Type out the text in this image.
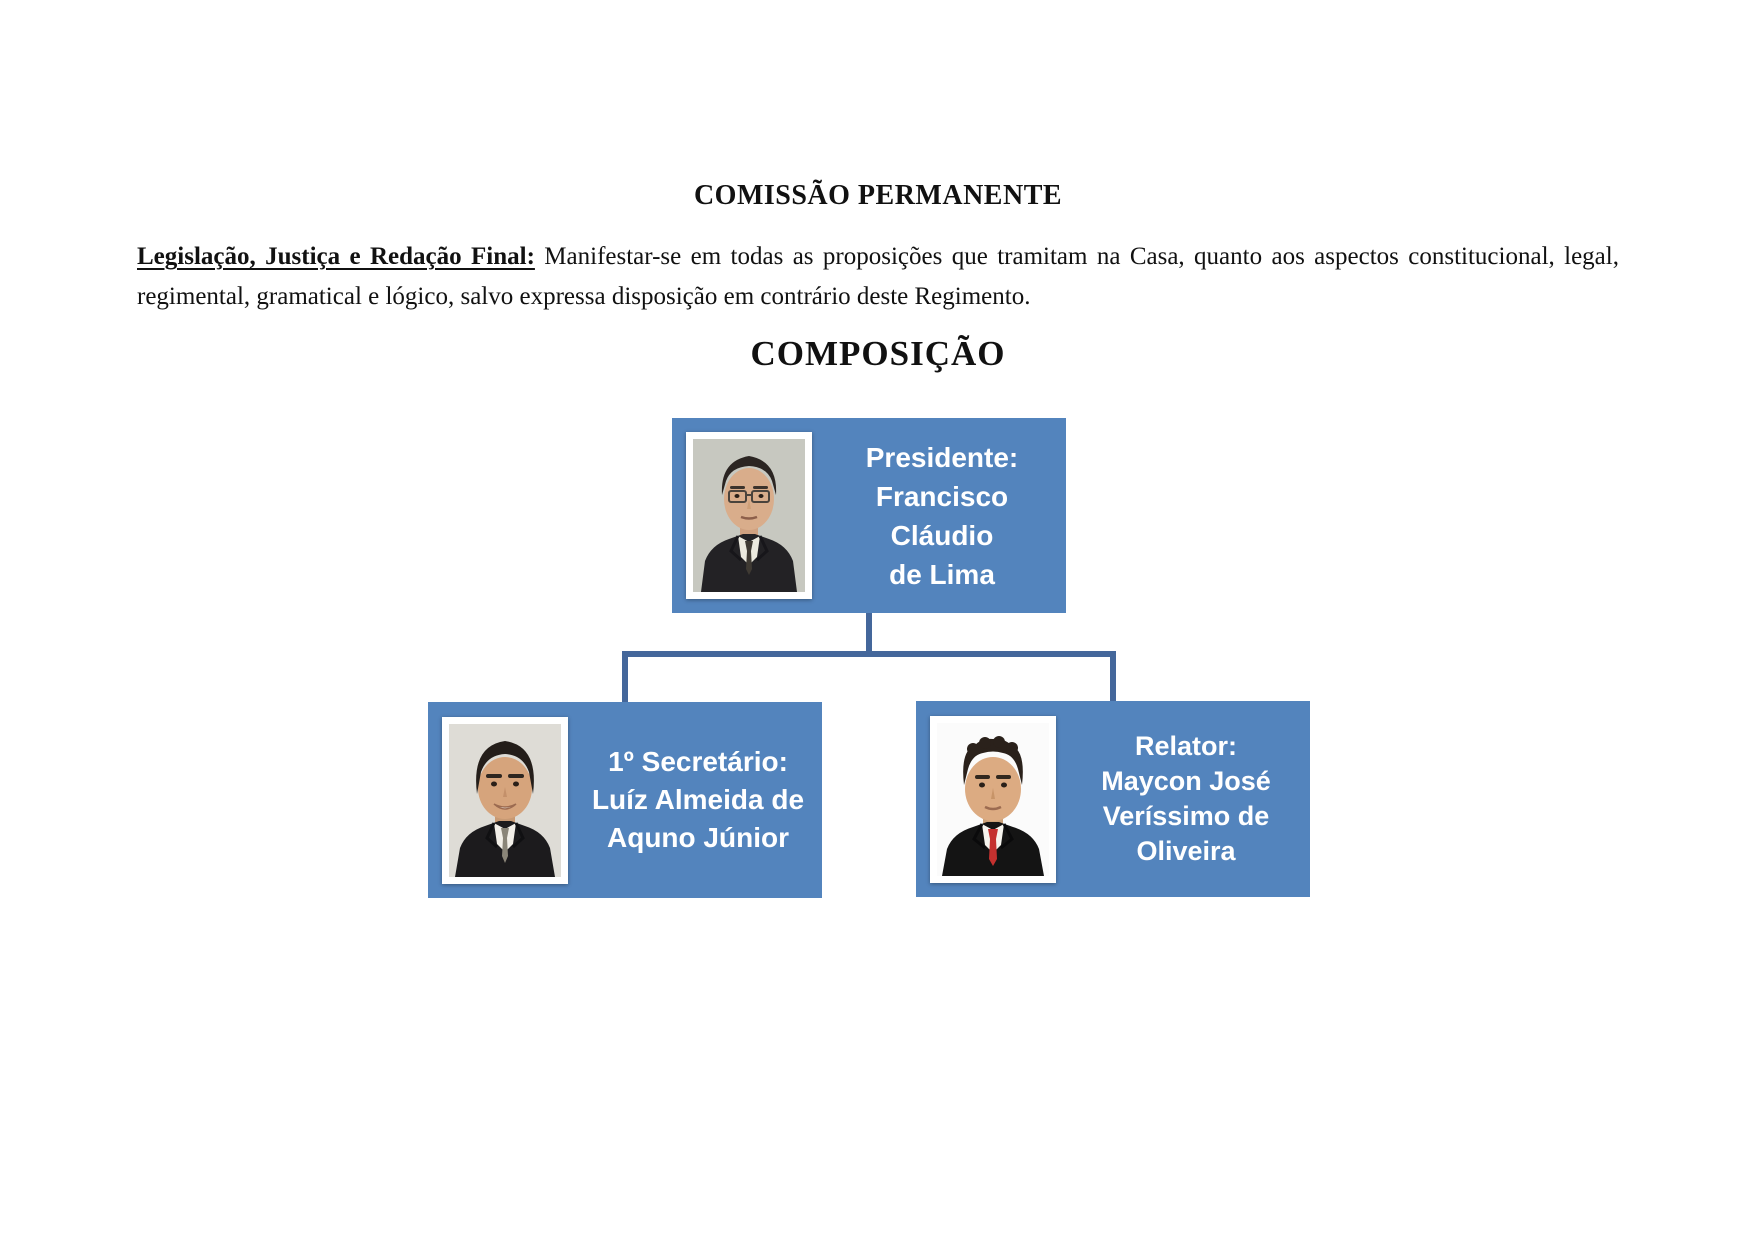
COMISSÃO PERMANENTE

Legislação, Justiça e Redação Final: Manifestar-se em todas as proposições que tramitam na Casa, quanto aos aspectos constitucional, legal, regimental, gramatical e lógico, salvo expressa disposição em contrário deste Regimento.

COMPOSIÇÃO
Presidente:
Francisco Cláudio
de Lima
1º Secretário:
Luíz Almeida de
Aquno Júnior
Relator:
Maycon José
Veríssimo de
Oliveira
